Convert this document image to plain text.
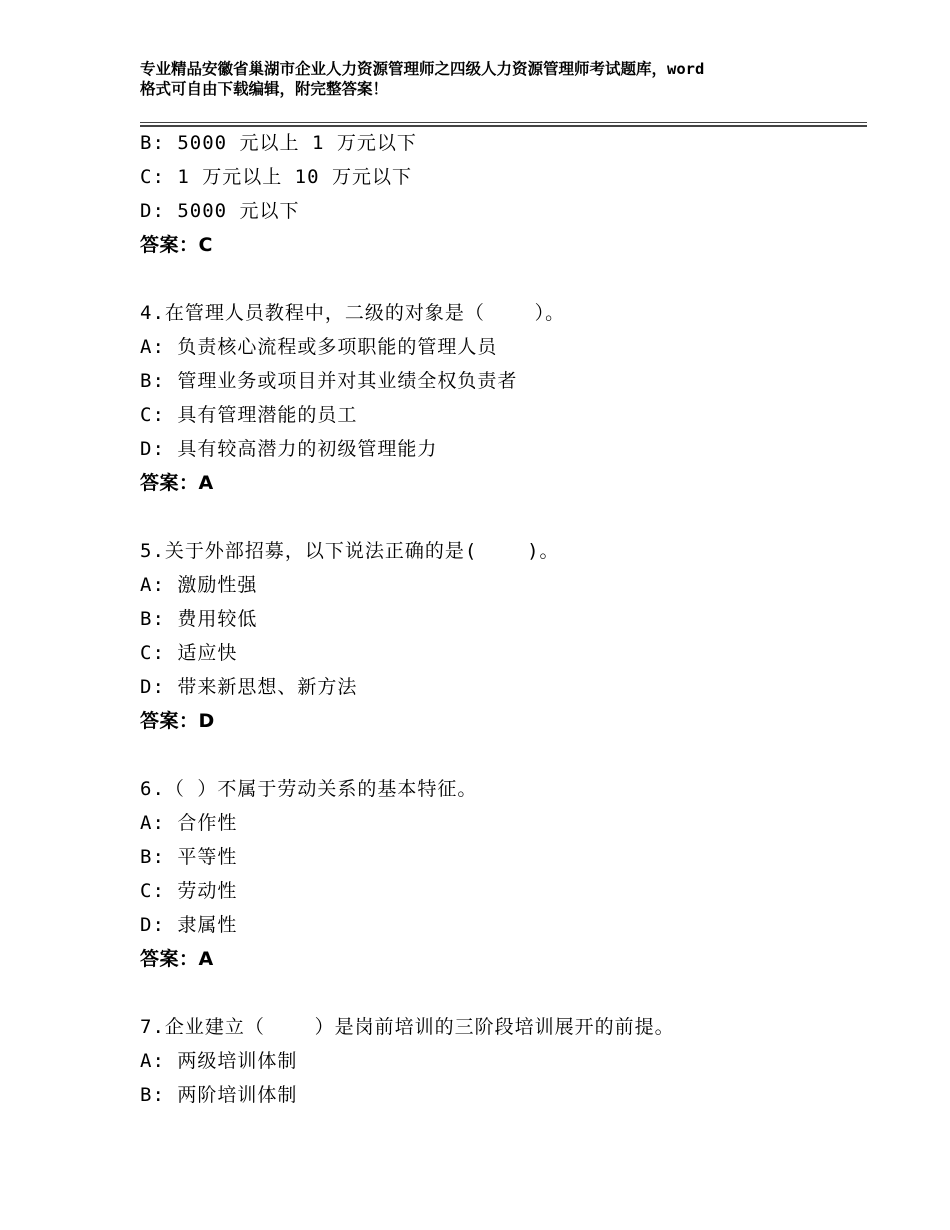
专业精品安徽省巢湖市企业人力资源管理师之四级人力资源管理师考试题库，word
格式可自由下载编辑，附完整答案！
B: 5000 元以上 1 万元以下
C: 1 万元以上 10 万元以下
D: 5000 元以下
答案：C
4.在管理人员教程中，二级的对象是（    ）。
A: 负责核心流程或多项职能的管理人员
B: 管理业务或项目并对其业绩全权负责者
C: 具有管理潜能的员工
D: 具有较高潜力的初级管理能力
答案：A
5.关于外部招募，以下说法正确的是(    )。
A: 激励性强
B: 费用较低
C: 适应快
D: 带来新思想、新方法
答案：D
6.（ ）不属于劳动关系的基本特征。
A: 合作性
B: 平等性
C: 劳动性
D: 隶属性
答案：A
7.企业建立（    ）是岗前培训的三阶段培训展开的前提。
A: 两级培训体制
B: 两阶培训体制
